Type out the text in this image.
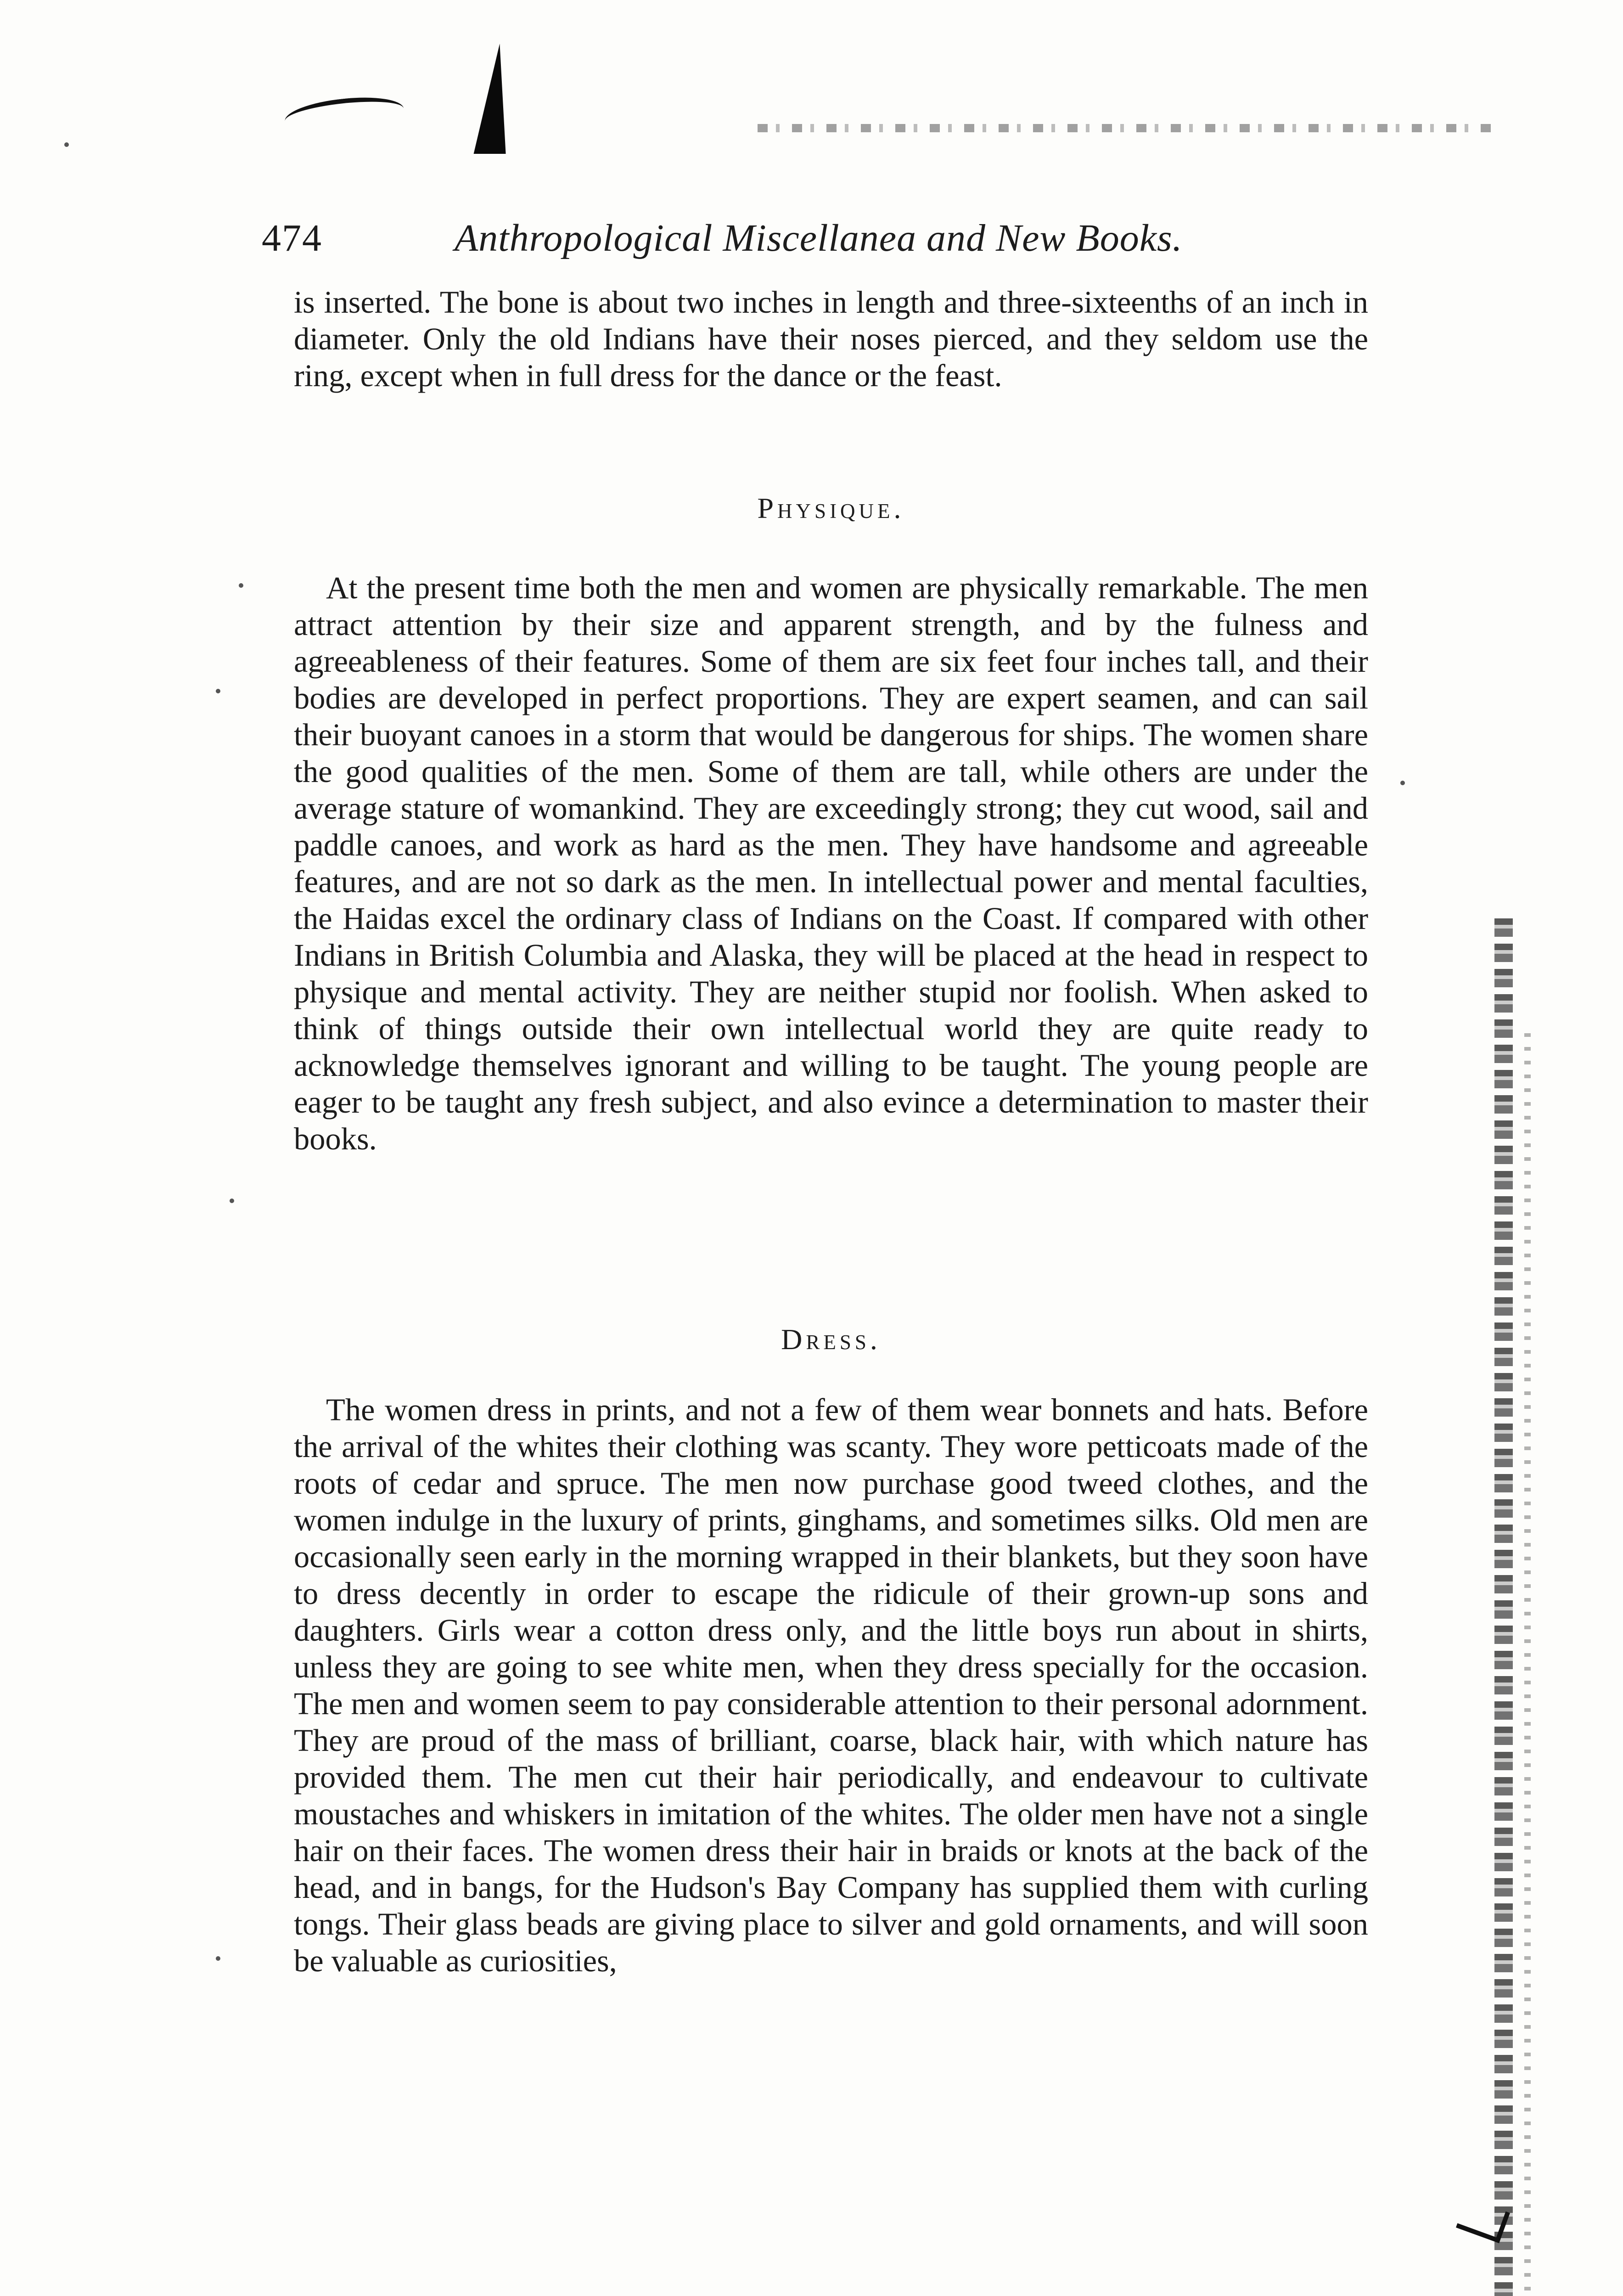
474	Anthropological Miscellanea and New Books.

is inserted. The bone is about two inches in length and three-sixteenths of an inch in diameter. Only the old Indians have their noses pierced, and they seldom use the ring, except when in full dress for the dance or the feast.

Physique.

At the present time both the men and women are physically remarkable. The men attract attention by their size and apparent strength, and by the fulness and agreeableness of their features. Some of them are six feet four inches tall, and their bodies are developed in perfect proportions. They are expert seamen, and can sail their buoyant canoes in a storm that would be dangerous for ships. The women share the good qualities of the men. Some of them are tall, while others are under the average stature of womankind. They are exceedingly strong; they cut wood, sail and paddle canoes, and work as hard as the men. They have handsome and agreeable features, and are not so dark as the men. In intellectual power and mental faculties, the Haidas excel the ordinary class of Indians on the Coast. If compared with other Indians in British Columbia and Alaska, they will be placed at the head in respect to physique and mental activity. They are neither stupid nor foolish. When asked to think of things outside their own intellectual world they are quite ready to acknowledge themselves ignorant and willing to be taught. The young people are eager to be taught any fresh subject, and also evince a determination to master their books.

Dress.

The women dress in prints, and not a few of them wear bonnets and hats. Before the arrival of the whites their clothing was scanty. They wore petticoats made of the roots of cedar and spruce. The men now purchase good tweed clothes, and the women indulge in the luxury of prints, ginghams, and sometimes silks. Old men are occasionally seen early in the morning wrapped in their blankets, but they soon have to dress decently in order to escape the ridicule of their grown-up sons and daughters. Girls wear a cotton dress only, and the little boys run about in shirts, unless they are going to see white men, when they dress specially for the occasion. The men and women seem to pay considerable attention to their personal adornment. They are proud of the mass of brilliant, coarse, black hair, with which nature has provided them. The men cut their hair periodically, and endeavour to cultivate moustaches and whiskers in imitation of the whites. The older men have not a single hair on their faces. The women dress their hair in braids or knots at the back of the head, and in bangs, for the Hudson's Bay Company has supplied them with curling tongs. Their glass beads are giving place to silver and gold ornaments, and will soon be valuable as curiosities,
